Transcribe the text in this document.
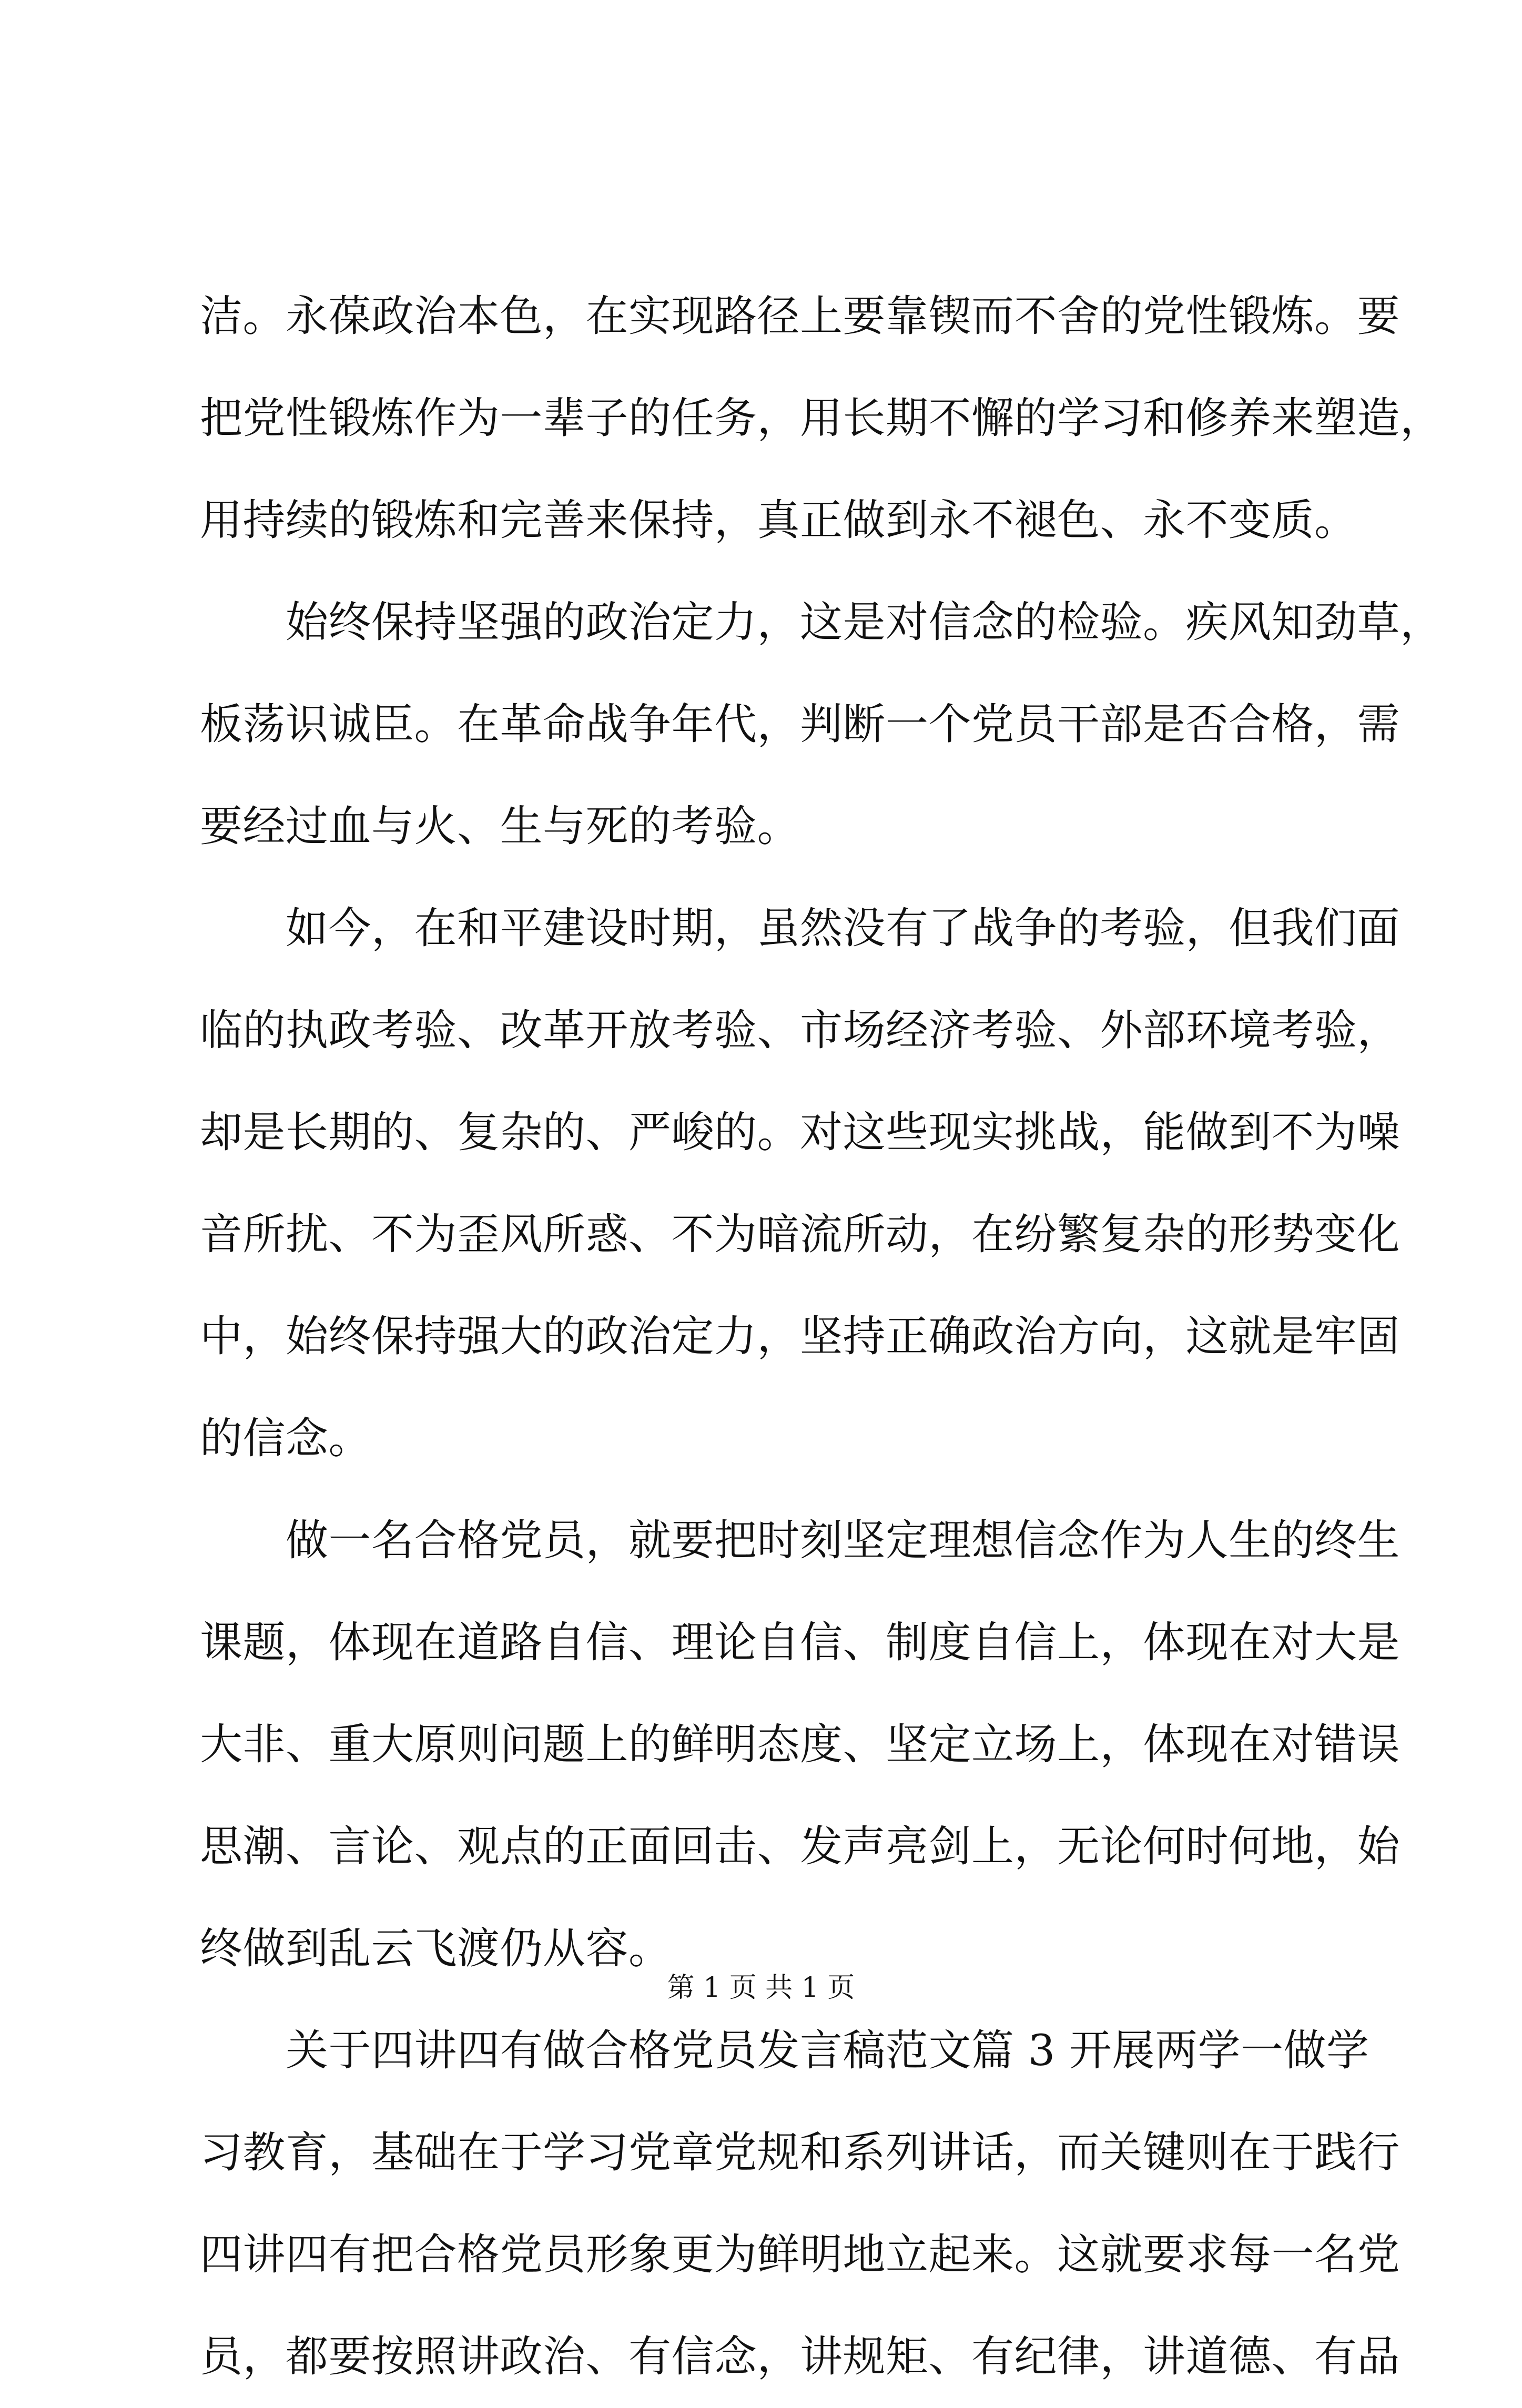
洁。永葆政治本色，在实现路径上要靠锲而不舍的党性锻炼。要
把党性锻炼作为一辈子的任务，用长期不懈的学习和修养来塑造，
用持续的锻炼和完善来保持，真正做到永不褪色、永不变质。
　　始终保持坚强的政治定力，这是对信念的检验。疾风知劲草，
板荡识诚臣。在革命战争年代，判断一个党员干部是否合格，需
要经过血与火、生与死的考验。
　　如今，在和平建设时期，虽然没有了战争的考验，但我们面
临的执政考验、改革开放考验、市场经济考验、外部环境考验，
却是长期的、复杂的、严峻的。对这些现实挑战，能做到不为噪
音所扰、不为歪风所惑、不为暗流所动，在纷繁复杂的形势变化
中，始终保持强大的政治定力，坚持正确政治方向，这就是牢固
的信念。
　　做一名合格党员，就要把时刻坚定理想信念作为人生的终生
课题，体现在道路自信、理论自信、制度自信上，体现在对大是
大非、重大原则问题上的鲜明态度、坚定立场上，体现在对错误
思潮、言论、观点的正面回击、发声亮剑上，无论何时何地，始
终做到乱云飞渡仍从容。
　　关于四讲四有做合格党员发言稿范文篇 3 开展两学一做学
习教育，基础在于学习党章党规和系列讲话，而关键则在于践行
四讲四有把合格党员形象更为鲜明地立起来。这就要求每一名党
员，都要按照讲政治、有信念，讲规矩、有纪律，讲道德、有品
第 1 页 共 1 页
